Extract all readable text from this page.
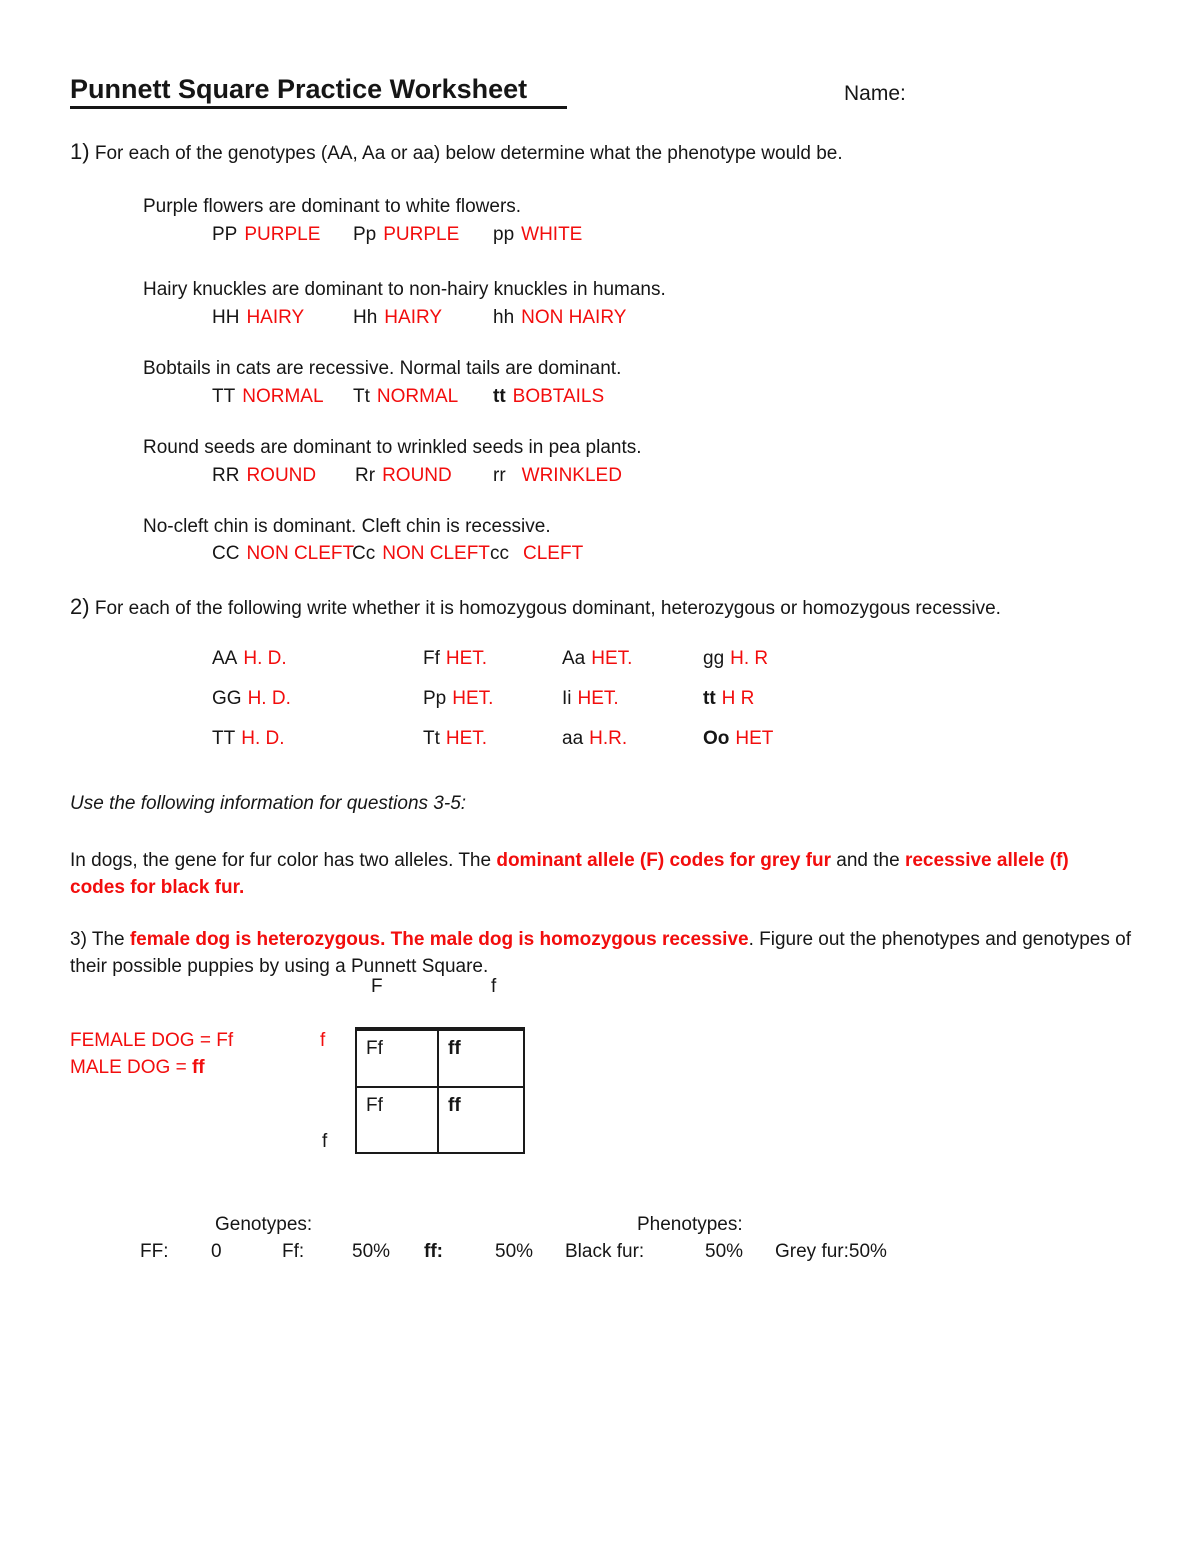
Punnett Square Practice Worksheet	Name:
1) For each of the genotypes (AA, Aa or aa) below determine what the phenotype would be.
Purple flowers are dominant to white flowers.
PP PURPLE Pp PURPLE pp WHITE
Hairy knuckles are dominant to non-hairy knuckles in humans.
HH HAIRY	Hh HAIRY	hh NON HAIRY
Bobtails in cats are recessive. Normal tails are dominant.
TT NORMAL Tt NORMAL tt BOBTAILS
Round seeds are dominant to wrinkled seeds in pea plants.
RR ROUND Rr ROUND rr WRINKLED
No-cleft chin is dominant. Cleft chin is recessive.
CC NON CLEFT
Cc NON CLEFT cc CLEFT
2) For each of the following write whether it is homozygous dominant, heterozygous or homozygous recessive.
AA H. D.	Ff HET.	Aa HET.	gg H. R
GG H. D.	Pp HET.	Ii HET.	tt H R
TT H. D.	Tt HET.	aa H.R.	Oo HET
Use the following information for questions 3-5:
In dogs, the gene for fur color has two alleles. The dominant allele (F) codes for grey fur and the recessive allele (f)
codes for black fur.
3) The female dog is heterozygous. The male dog is homozygous recessive. Figure out the phenotypes and genotypes of
their possible puppies by using a Punnett Square.
F	f
FEMALE DOG = Ff
MALE DOG = ff
f
f
Ff	ff
Ff	ff
Genotypes:	Phenotypes:
FF: 0	Ff:	50% ff:	50% Black fur:	50% Grey fur:50%
